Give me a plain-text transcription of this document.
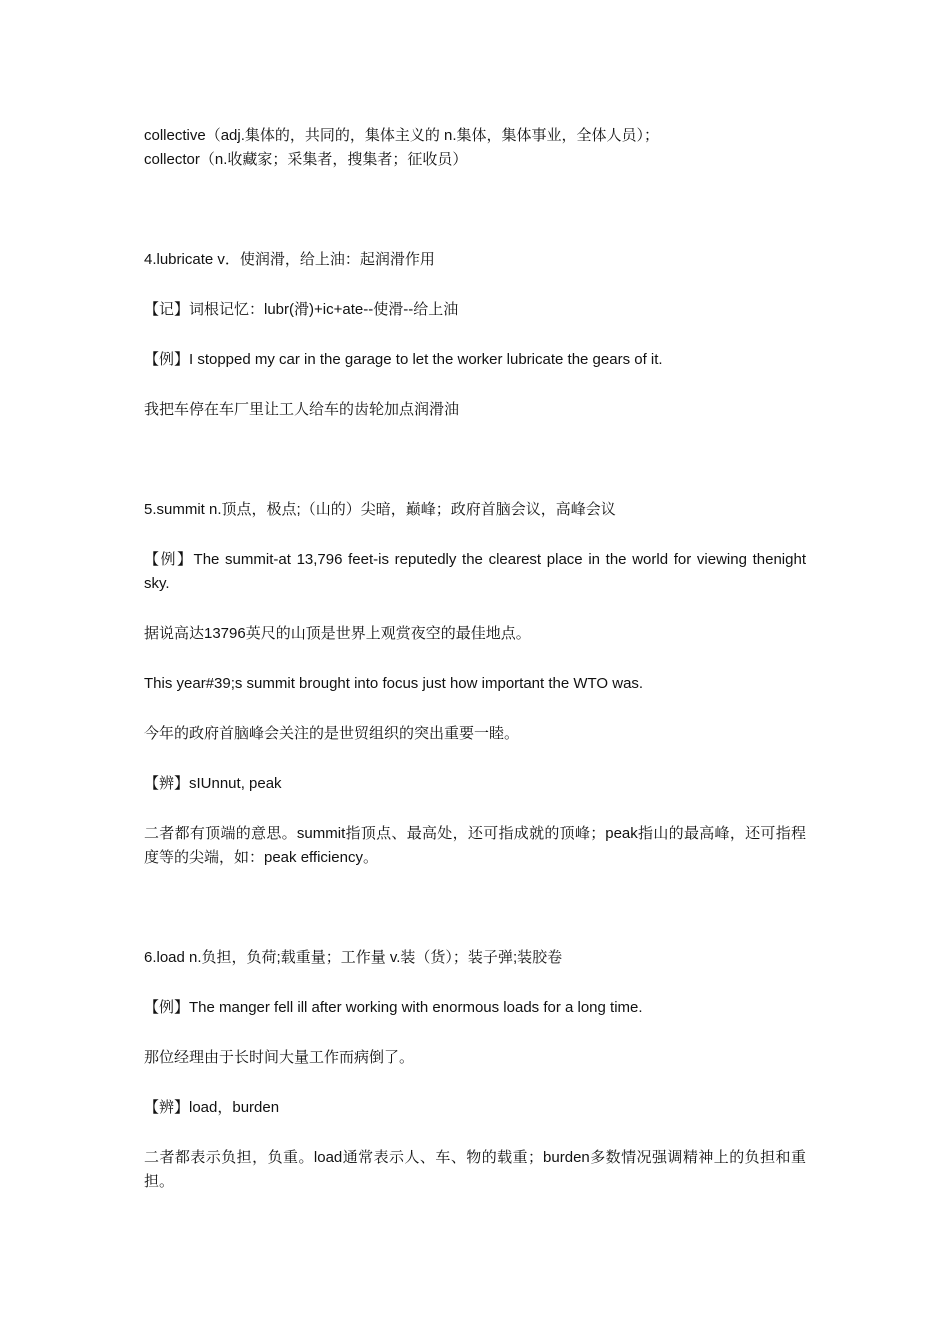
collective（adj.集体的，共同的，集体主义的 n.集体，集体事业，全体人员）；

collector（n.收藏家；采集者，搜集者；征收员）

4.lubricate v．使润滑，给上油：起润滑作用

【记】词根记忆：lubr(滑)+ic+ate--使滑--给上油

【例】I stopped my car in the garage to let the worker lubricate the gears of it.

我把车停在车厂里让工人给车的齿轮加点润滑油

5.summit n.顶点，极点;（山的）尖暗，巅峰；政府首脑会议，高峰会议

【例】The summit-at 13,796 feet-is reputedly the clearest place in the world for viewing thenight sky.

据说高达13796英尺的山顶是世界上观赏夜空的最佳地点。

This year#39;s summit brought into focus just how important the WTO was.

今年的政府首脑峰会关注的是世贸组织的突出重要一睦。

【辨】sIUnnut, peak

二者都有顶端的意思。summit指顶点、最高处，还可指成就的顶峰；peak指山的最高峰，还可指程度等的尖端，如：peak efficiency。

6.load n.负担，负荷;载重量；工作量 v.装（货）；装子弹;装胶卷

【例】The manger fell ill after working with enormous loads for a long time.

那位经理由于长时间大量工作而病倒了。

【辨】load，burden

二者都表示负担，负重。load通常表示人、车、物的载重；burden多数情况强调精神上的负担和重担。
